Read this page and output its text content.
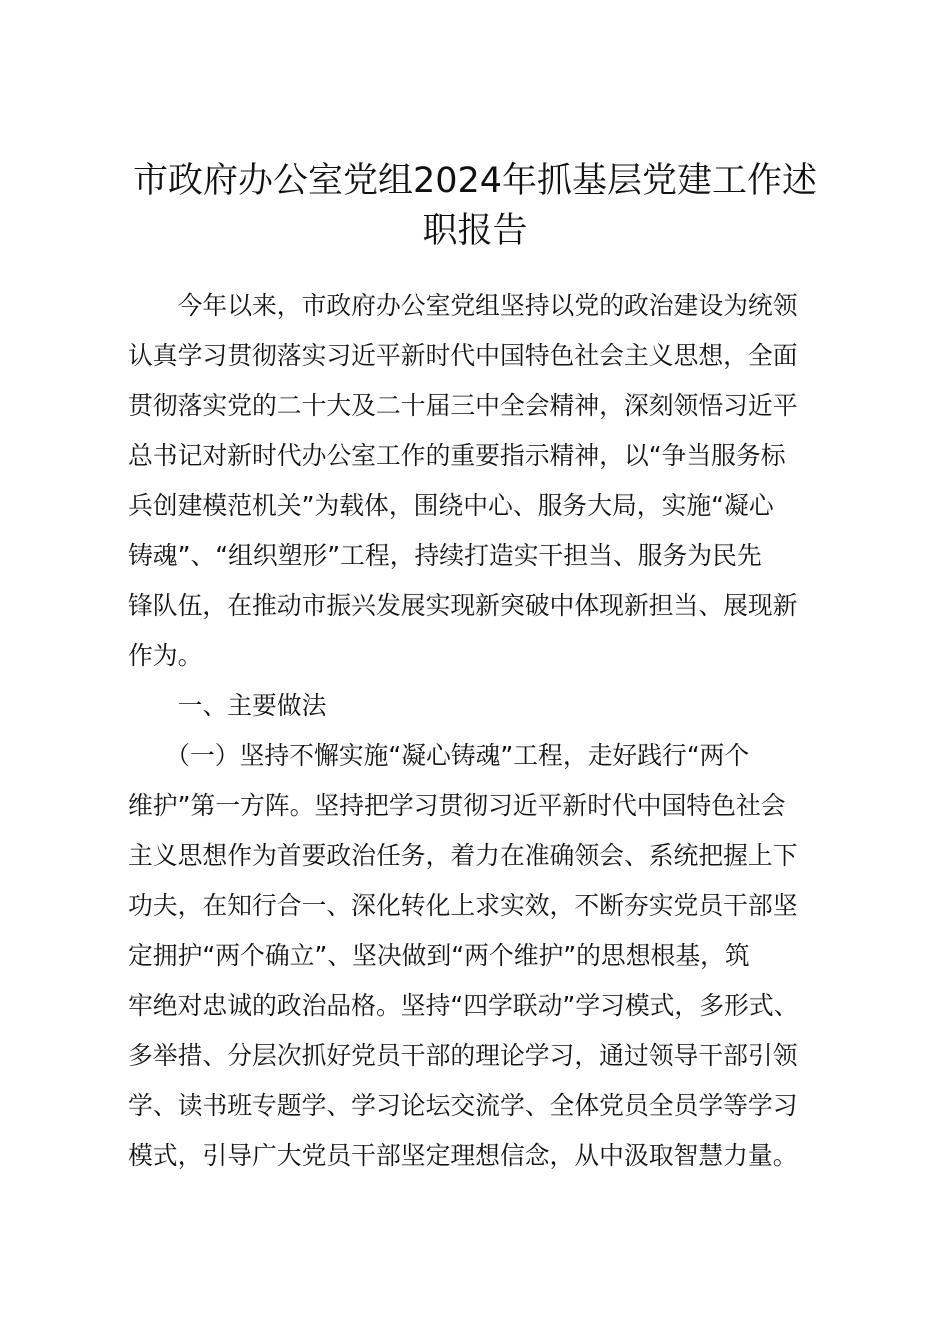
市政府办公室党组2024年抓基层党建工作述
职报告

　　今年以来，市政府办公室党组坚持以党的政治建设为统领

认真学习贯彻落实习近平新时代中国特色社会主义思想，全面

贯彻落实党的二十大及二十届三中全会精神，深刻领悟习近平

总书记对新时代办公室工作的重要指示精神，以“争当服务标

兵创建模范机关”为载体，围绕中心、服务大局，实施“凝心

铸魂”、“组织塑形”工程，持续打造实干担当、服务为民先

锋队伍，在推动市振兴发展实现新突破中体现新担当、展现新

作为。

　　一、主要做法

　　（一）坚持不懈实施“凝心铸魂”工程，走好践行“两个

维护”第一方阵。坚持把学习贯彻习近平新时代中国特色社会

主义思想作为首要政治任务，着力在准确领会、系统把握上下

功夫，在知行合一、深化转化上求实效，不断夯实党员干部坚

定拥护“两个确立”、坚决做到“两个维护”的思想根基，筑

牢绝对忠诚的政治品格。坚持“四学联动”学习模式，多形式、

多举措、分层次抓好党员干部的理论学习，通过领导干部引领

学、读书班专题学、学习论坛交流学、全体党员全员学等学习

模式，引导广大党员干部坚定理想信念，从中汲取智慧力量。
